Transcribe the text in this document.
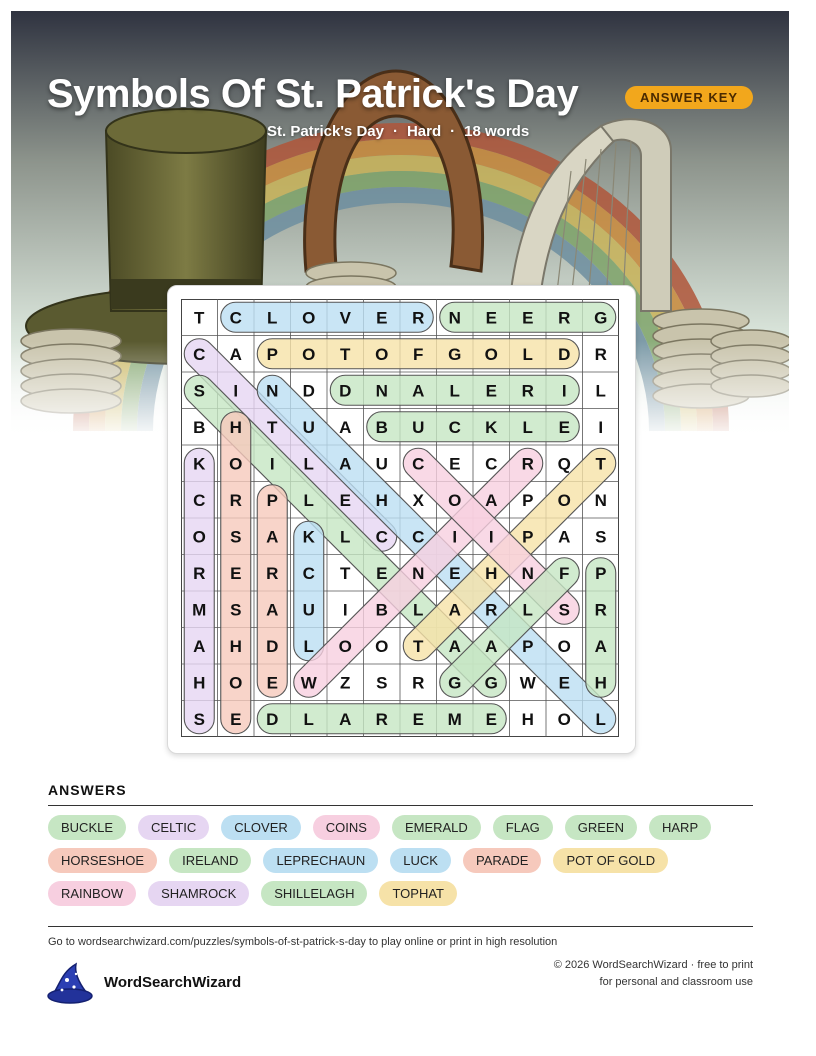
Symbols Of St. Patrick's Day	ANSWER KEY
St. Patrick's Day · Hard · 18 words
T C L O V E R N E E R G
C A P O T O F G O L D R
S I N D D N A L E R I L
B H T U A B U C K L E I
K O I L A U C E C R Q T
C R P L E H X O A P O N
O S A K L C C I I P A S
R E R C T E N E H N F P
M S A U I B L A R L S R
A H D L O O T A A P O A
H O E W Z S R G G W E H
S E D L A R E M E H O L
ANSWERS
BUCKLE	CELTIC	CLOVER	COINS	EMERALD	FLAG	GREEN	HARP
HORSESHOE	IRELAND	LEPRECHAUN	LUCK	PARADE	POT OF GOLD
RAINBOW	SHAMROCK	SHILLELAGH	TOPHAT
Go to wordsearchwizard.com/puzzles/symbols-of-st-patrick-s-day to play online or print in high resolution
WordSearchWizard
© 2026 WordSearchWizard · free to print for personal and classroom use
